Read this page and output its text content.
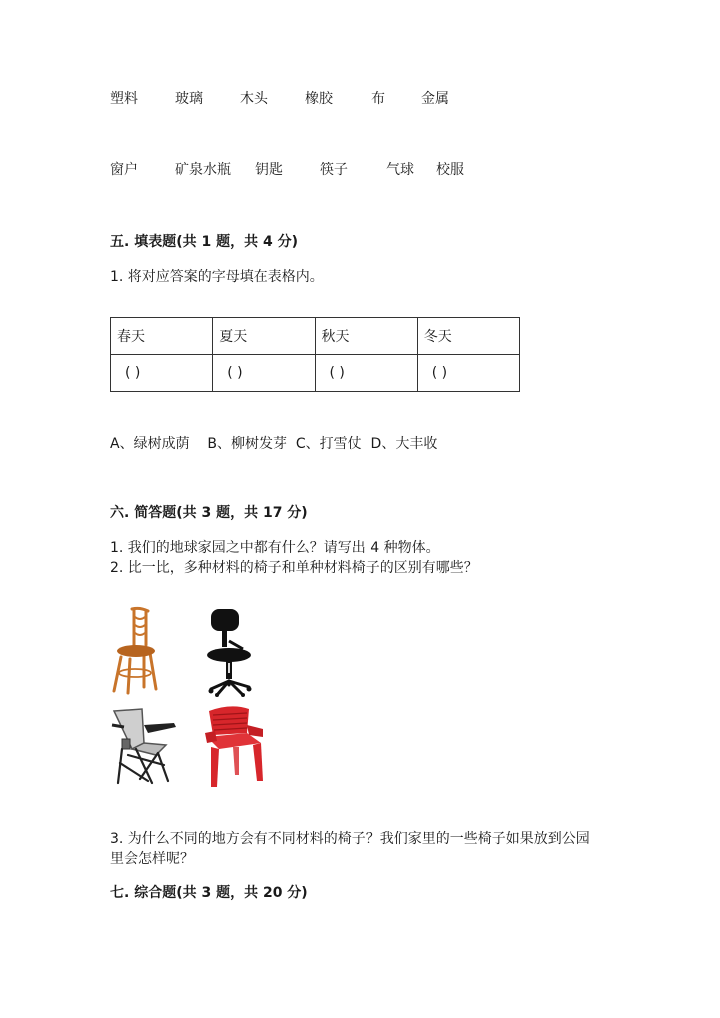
塑料	玻璃	木头	橡胶	布	金属
窗户	矿泉水瓶 钥匙	筷子	气球 校服
五. 填表题(共 1 题，共 4 分)
1. 将对应答案的字母填在表格内。
春天	夏天	秋天	冬天
( )	( )	( )	( )
A、绿树成荫    B、柳树发芽  C、打雪仗  D、大丰收
六. 简答题(共 3 题，共 17 分)
1. 我们的地球家园之中都有什么？请写出 4 种物体。
2. 比一比，多种材料的椅子和单种材料椅子的区别有哪些？
3. 为什么不同的地方会有不同材料的椅子？我们家里的一些椅子如果放到公园
里会怎样呢？
七. 综合题(共 3 题，共 20 分)
